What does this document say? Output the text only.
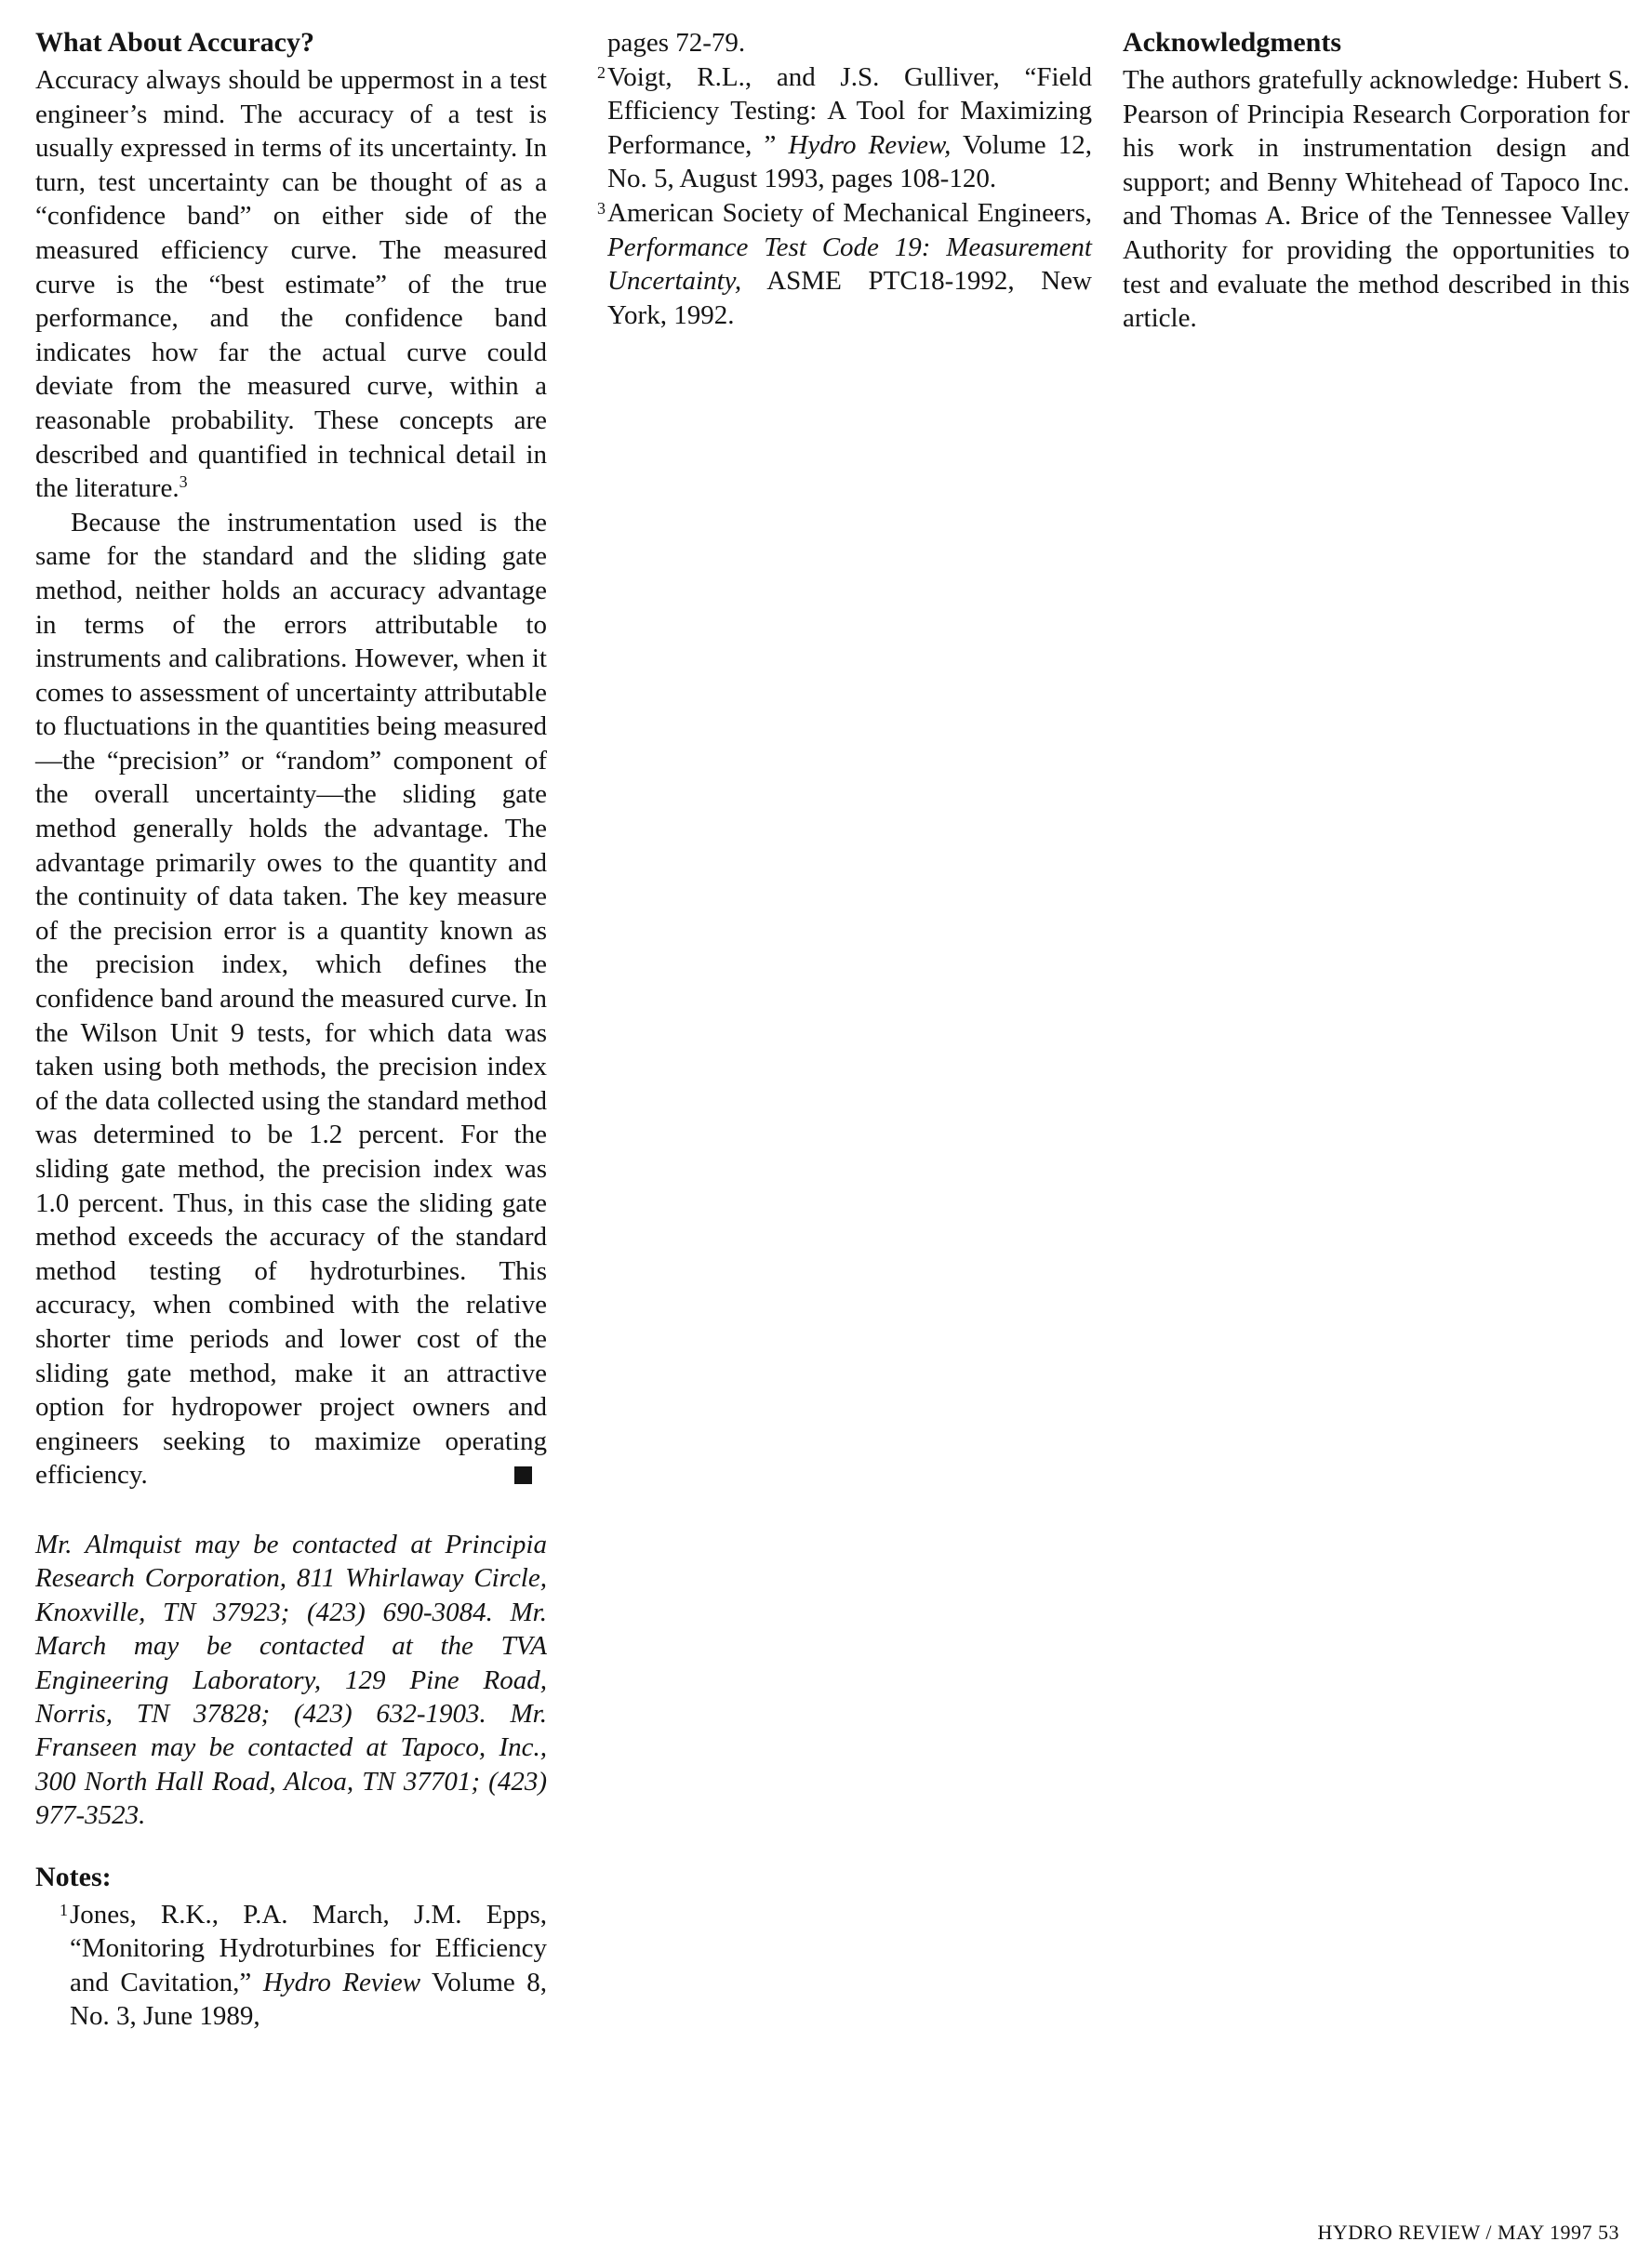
What About Accuracy?

Accuracy always should be uppermost in a test engineer’s mind. The accuracy of a test is usually expressed in terms of its uncertainty. In turn, test uncertainty can be thought of as a “confidence band” on either side of the measured efficiency curve. The measured curve is the “best estimate” of the true performance, and the confidence band indicates how far the actual curve could deviate from the measured curve, within a reasonable probability. These concepts are described and quantified in technical detail in the literature.$^3$

Because the instrumentation used is the same for the standard and the sliding gate method, neither holds an accuracy advantage in terms of the errors attributable to instruments and calibrations. However, when it comes to assessment of uncertainty attributable to fluctuations in the quantities being measured—the “precision” or “random” component of the overall uncertainty—the sliding gate method generally holds the advantage. The advantage primarily owes to the quantity and the continuity of data taken. The key measure of the precision error is a quantity known as the precision index, which defines the confidence band around the measured curve. In the Wilson Unit 9 tests, for which data was taken using both methods, the precision index of the data collected using the standard method was determined to be 1.2 percent. For the sliding gate method, the precision index was 1.0 percent. Thus, in this case the sliding gate method exceeds the accuracy of the standard method testing of hydroturbines. This accuracy, when combined with the relative shorter time periods and lower cost of the sliding gate method, make it an attractive option for hydropower project owners and engineers seeking to maximize operating efficiency.

Mr. Almquist may be contacted at Principia Research Corporation, 811 Whirlaway Circle, Knoxville, TN 37923; (423) 690-3084. Mr. March may be contacted at the TVA Engineering Laboratory, 129 Pine Road, Norris, TN 37828; (423) 632-1903. Mr. Franseen may be contacted at Tapoco, Inc., 300 North Hall Road, Alcoa, TN 37701; (423) 977-3523.

Notes:

$^1$Jones, R.K., P.A. March, J.M. Epps, “Monitoring Hydroturbines for Efficiency and Cavitation,” Hydro Review Volume 8, No. 3, June 1989,

pages 72-79.

$^2$Voigt, R.L., and J.S. Gulliver, “Field Efficiency Testing: A Tool for Maximizing Performance, ” Hydro Review, Volume 12, No. 5, August 1993, pages 108-120.

$^3$American Society of Mechanical Engineers, Performance Test Code 19: Measurement Uncertainty, ASME PTC18-1992, New York, 1992.

Acknowledgments

The authors gratefully acknowledge: Hubert S. Pearson of Principia Research Corporation for his work in instrumentation design and support; and Benny Whitehead of Tapoco Inc. and Thomas A. Brice of the Tennessee Valley Authority for providing the opportunities to test and evaluate the method described in this article.

HYDRO REVIEW / MAY 1997 53
